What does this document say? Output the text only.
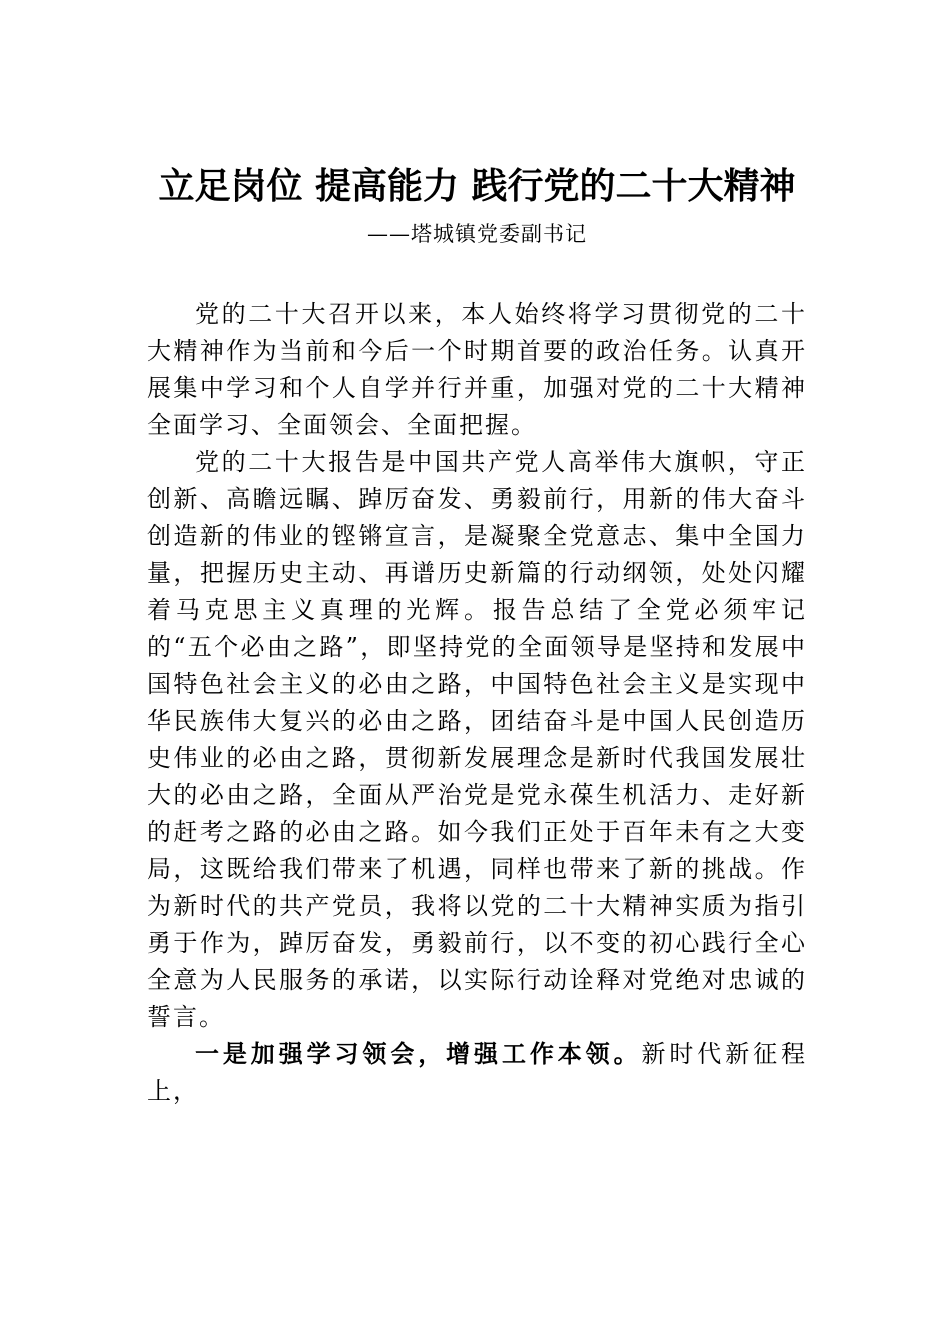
立足岗位 提高能力 践行党的二十大精神
——塔城镇党委副书记

党的二十大召开以来，本人始终将学习贯彻党的二十大精神作为当前和今后一个时期首要的政治任务。认真开展集中学习和个人自学并行并重，加强对党的二十大精神全面学习、全面领会、全面把握。

党的二十大报告是中国共产党人高举伟大旗帜，守正创新、高瞻远瞩、踔厉奋发、勇毅前行，用新的伟大奋斗创造新的伟业的铿锵宣言，是凝聚全党意志、集中全国力量，把握历史主动、再谱历史新篇的行动纲领，处处闪耀着马克思主义真理的光辉。报告总结了全党必须牢记的“五个必由之路”，即坚持党的全面领导是坚持和发展中国特色社会主义的必由之路，中国特色社会主义是实现中华民族伟大复兴的必由之路，团结奋斗是中国人民创造历史伟业的必由之路，贯彻新发展理念是新时代我国发展壮大的必由之路，全面从严治党是党永葆生机活力、走好新的赶考之路的必由之路。如今我们正处于百年未有之大变局，这既给我们带来了机遇，同样也带来了新的挑战。作为新时代的共产党员，我将以党的二十大精神实质为指引勇于作为，踔厉奋发，勇毅前行，以不变的初心践行全心全意为人民服务的承诺，以实际行动诠释对党绝对忠诚的誓言。

一是加强学习领会，增强工作本领。新时代新征程上，
